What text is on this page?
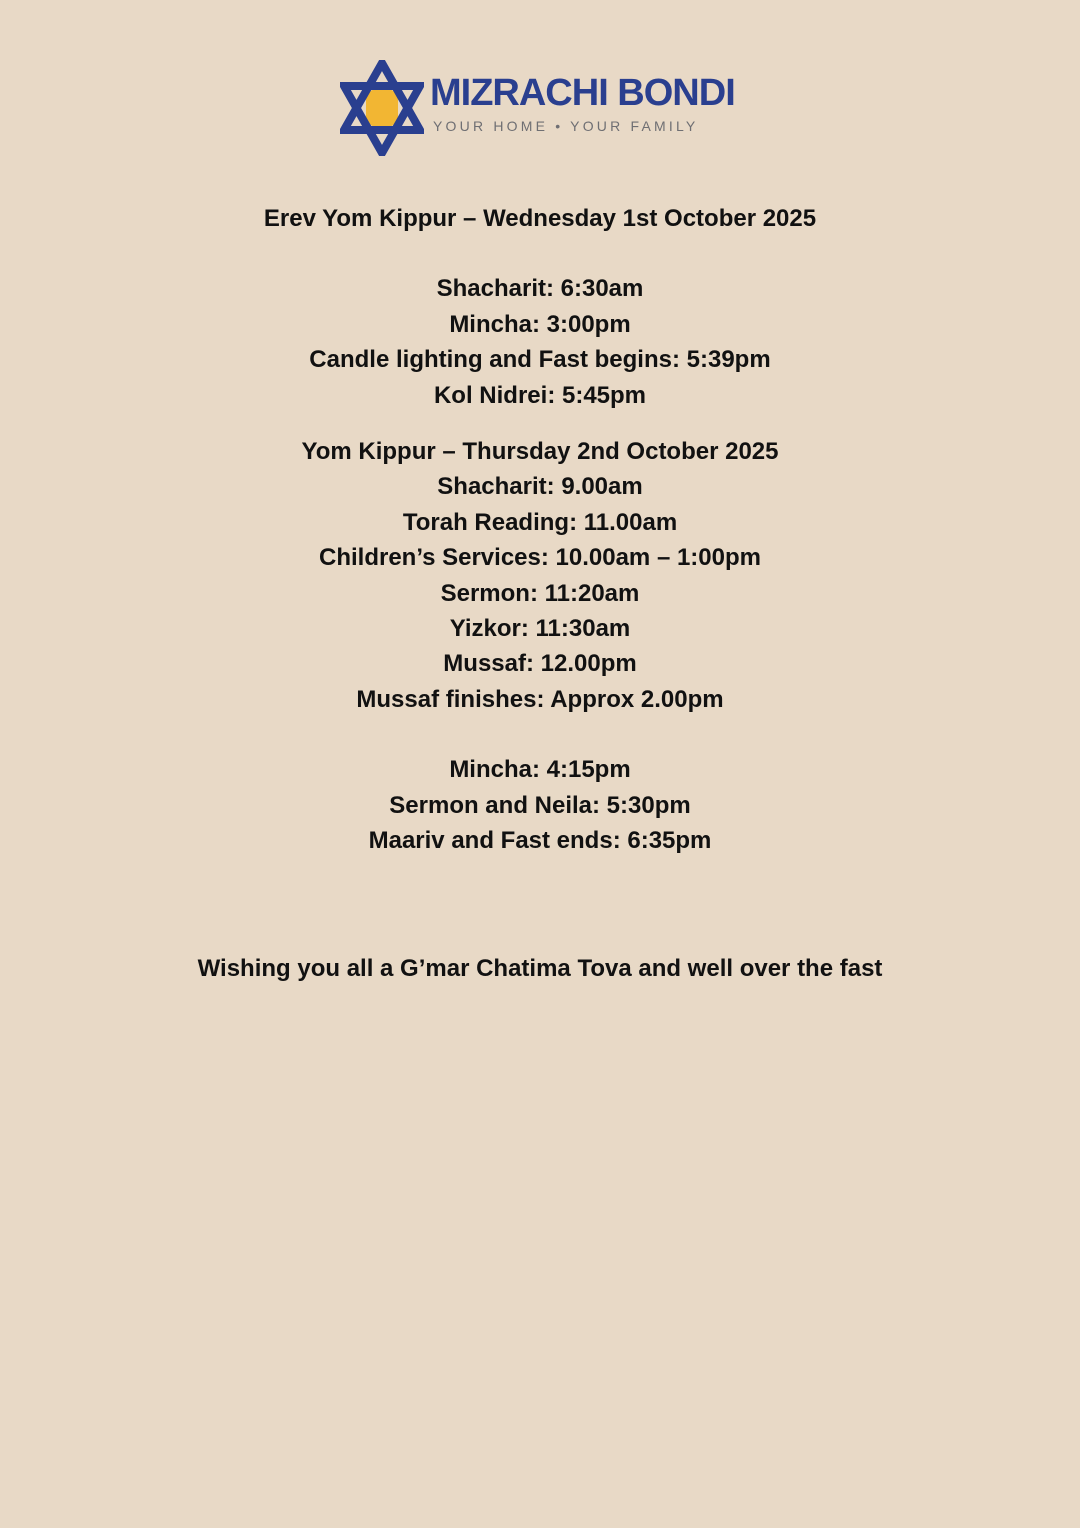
MIZRACHI BONDI
YOUR HOME • YOUR FAMILY
Erev Yom Kippur – Wednesday 1st October 2025
Shacharit: 6:30am
Mincha: 3:00pm
Candle lighting and Fast begins: 5:39pm
Kol Nidrei: 5:45pm
Yom Kippur – Thursday 2nd October 2025
Shacharit: 9.00am
Torah Reading: 11.00am
Children’s Services: 10.00am – 1:00pm
Sermon: 11:20am
Yizkor: 11:30am
Mussaf: 12.00pm
Mussaf finishes: Approx 2.00pm
Mincha: 4:15pm
Sermon and Neila: 5:30pm
Maariv and Fast ends: 6:35pm
Wishing you all a G’mar Chatima Tova and well over the fast
